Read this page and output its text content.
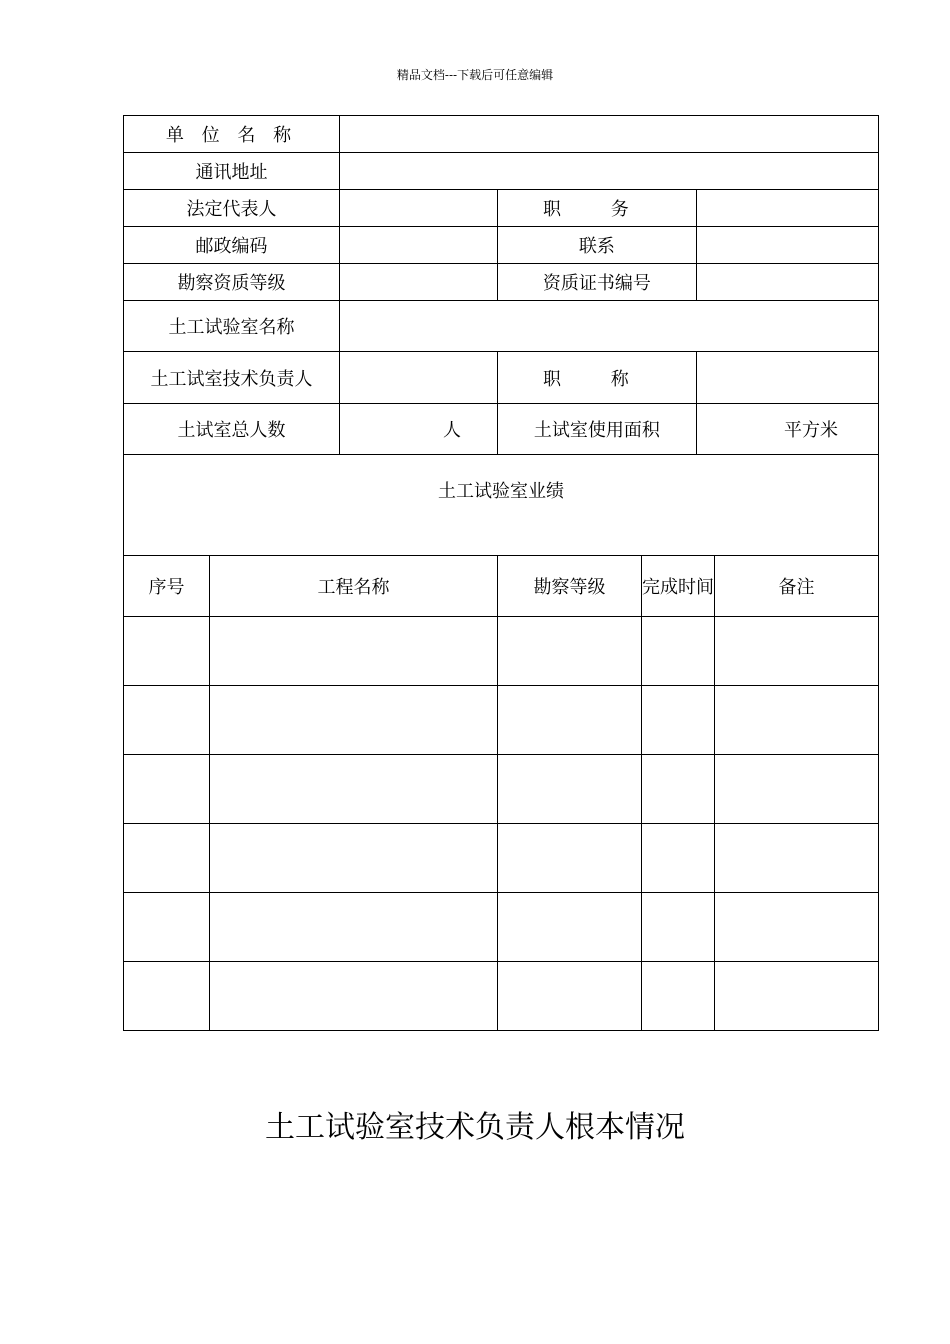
精品文档---下载后可任意编辑
单 位 名 称						
通讯地址						
法定代表人			职 务			
邮政编码			联系			
勘察资质等级			资质证书编号			
土工试验室名称						
土工试室技术负责人			职 称			
土试室总人数		人	土试室使用面积		平方米	

土工试验室业绩						

序号	工程名称		勘察等级	完成时间		备注

土工试验室技术负责人根本情况
